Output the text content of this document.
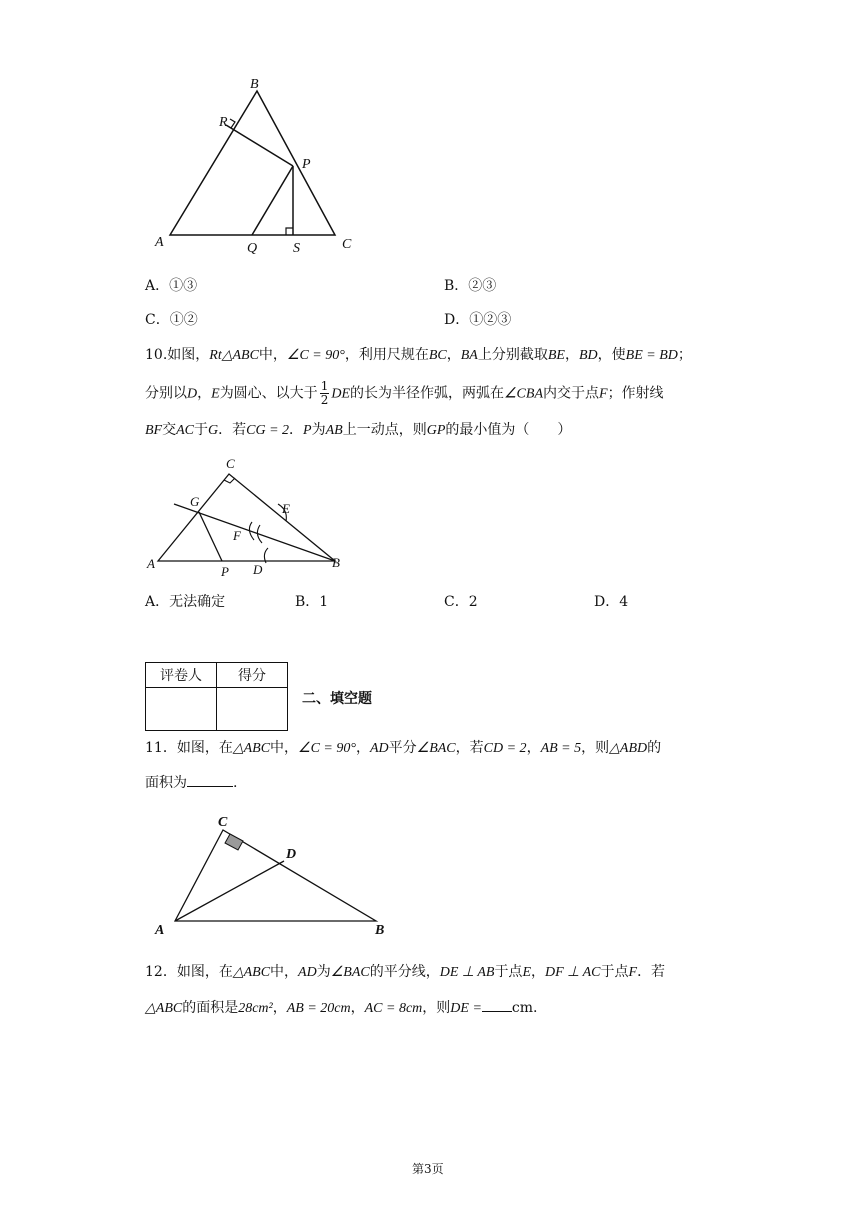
B
R
P
A	Q	S	C
A．①③	B．②③
C．①②	D．①②③
10.如图，Rt△ABC中，∠C = 90°，利用尺规在BC，BA上分别截取BE，BD，使BE = BD；
分别以D，E为圆心、以大于 $\frac{1}{2}$ DE的长为半径作弧，两弧在∠CBA内交于点F；作射线
BF交AC于G．若CG = 2．P为AB上一动点，则GP的最小值为（　　）
C
G	E
F
A
P D	B
A．无法确定	B．1	C．2	D．4
评卷人	得分

二、填空题
11．如图，在△ABC中，∠C = 90°，AD平分∠BAC，若CD = 2，AB = 5，则△ABD的
面积为	.
C
D
A	B
12．如图，在△ABC中，AD为∠BAC的平分线，DE ⊥ AB于点E，DF ⊥ AC于点F．若
△ABC的面积是28cm²，AB = 20cm，AC = 8cm，则DE = cm.
第3页
